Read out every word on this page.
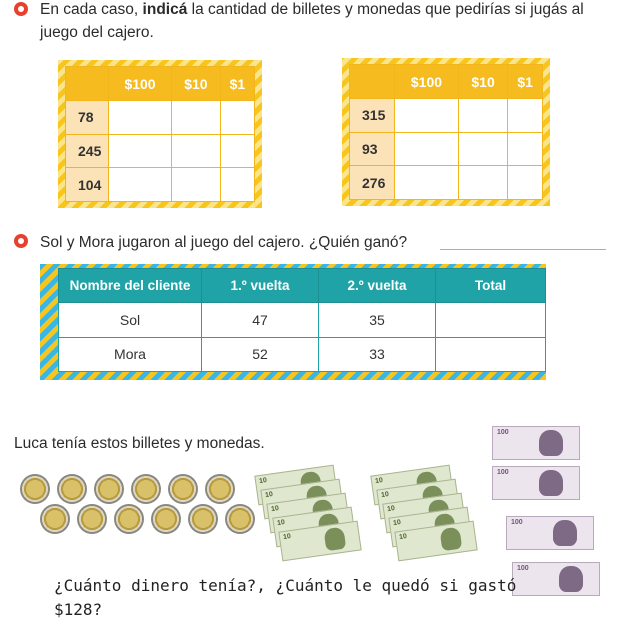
En cada caso, indicá la cantidad de billetes y monedas que pedirías si jugás al juego del cajero.
	$100	$10	$1
78			
245			
104			
	$100	$10	$1
315			
93			
276			
Sol y Mora jugaron al juego del cajero. ¿Quién ganó?
Nombre del cliente	1.º vuelta	2.º vuelta	Total
Sol	47	35	
Mora	52	33	
Luca tenía estos billetes y monedas.
10
10
10
10
10
10
10
10
10
10
100
100
100
100
¿Cuánto dinero tenía?, ¿Cuánto le quedó si gastó $128?
